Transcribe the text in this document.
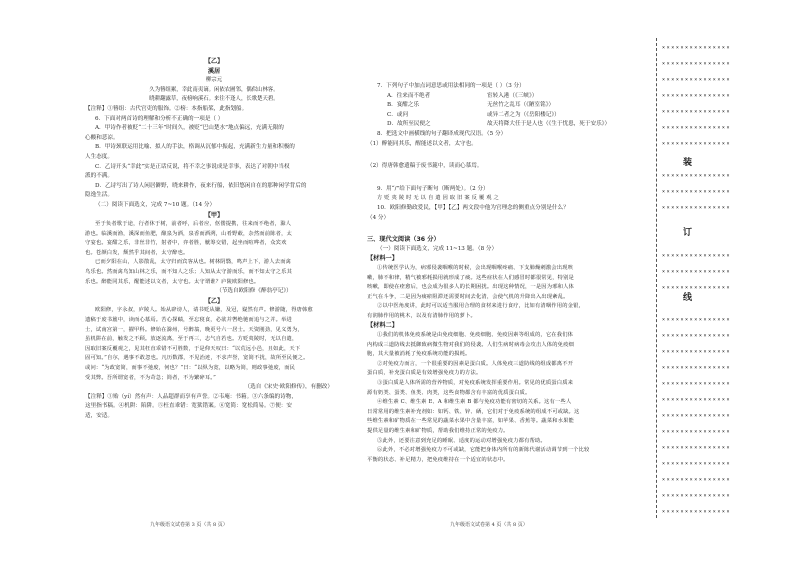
【乙】

溪居

柳宗元

久为簪组累，幸此南夷谪。闲依农圃邻，偶似山林客。

晓耕翻露草，夜榜响溪石。来往不逢人，长歌楚天碧。

【注释】①簪组：古代官吏的服饰。②榜：本指船桨，此指划船。

6．下面对两首诗的理解和分析不正确的一项是（ ）

A．甲诗作者被贬“二十三年”时间久，被贬“巴山楚水”地点偏远，充满无限的

心酸和悲凉。

B．甲诗颈联运用比喻、拟人的手法，格调从沉郁中振起，充满新生力量和积极的

人生态度。

C．乙诗开头“幸此”实是正话反说，将不幸之事说成是幸事，表达了对朝中当权

派的不满。

D．乙诗写出了诗人闲居僻野，晓来耕作，夜来行船，依旧悠闲自在的那种闲学背后的

隐逸生活。

（二）阅读下面选文，完成 7~10 题。（14 分）

【甲】

至于负者歌于途，行者休于树，前者呼，后者应，伛偻提携，往来而不绝者，滁人

游也。临溪而渔，溪深而鱼肥，酿泉为酒，泉香而酒洌，山肴野蔌，杂然而前陈者，太

守宴也。宴酣之乐，非丝非竹，射者中，弈者胜，觥筹交错，起坐而喧哗者，众宾欢

也。苍颜白发，颓然乎其间者，太守醉也。

已而夕阳在山，人影散乱，太守归而宾客从也。树林阴翳，鸣声上下，游人去而禽

鸟乐也。然而禽鸟知山林之乐，而不知人之乐；人知从太守游而乐，而不知太守之乐其

乐也。醉能同其乐，醒能述以文者，太守也。太守谓谁？庐陵欧阳修也。

（节选自欧阳修《醉翁亭记》）

【乙】

欧阳修，字永叔，庐陵人。始从辟谤人，请书贬从嫌，及冠，嶷然有声。修游随，得唐韩愈

遗稿于废书簏中，读而心慕焉。苦心探赜，至忘寝食，必欲并辔绝驰而追与之并。举进

士，试南宫第一，擢甲科。修始在滁州，号醉翁，晚更号六一居士。天资刚劲，见义勇为，

虽机阱在前，触发之不顾。放逐流离，至于再三，志气自若也。方贬夷陵时，无以自遣，

因取旧案反覆观之，见其枉直乖错不可胜数，于是仰天叹曰：“以荒远小邑，且如此，天下

固可知。”自尔，遇事不敢忽也。凡历数郡，不见治迹，不求声誉，宽简不扰，故所至民便之。

或问：“为政宽简，而事不弛废，何也？”曰：“以纵为宽，以略为简，则政事弛废，而民

受其弊。吾所谓宽者，不为苛急；简者，不为繁碎耳。”

（选自《宋史·欧阳修传》，有删改）

【注释】①贻（yí）然有声：人品超群而享有声誉。②韦庵：书箱。③六条编的诗物，

这里指书稿。④机阱：陷阱。⑤枉直乖错：宽狱错案。⑥宽简：宽松简易。⑦便：安

适，安适。

7．下列句子中加点词意思或用法相同的一项是（ ）（3 分）

A．往来而不绝者	宦转入港（《三峡》）

B．宴酣之乐	无丝竹之乱耳（《陋室铭》）

C．或问	或异二者之为（《岳阳楼记》）

D．故所至民便之	故天将降大任于是人也（《生于忧患，死于安乐》）

8．把选文中画横线的句子翻译成现代汉语。（5 分）

（1）醉能同其乐，醒能述以文者，太守也。

（2）得唐韩愈遗稿于废书簏中，读而心慕焉。

9．用“/”给下面句子断句（断两处）。（2 分）

方 贬 夷 陵 时 无 以 自 遣 因 取 旧 案 反 覆 观 之

10．欧阳修勤政爱民，【甲】【乙】两文段中他为官理念的侧重点分别是什么？

（4 分）

三、现代文阅读（36 分）

（一）阅读下面选文，完成 11~13 题。（8 分）

【材料一】

①传统医学认为，病邪侵袭咽喉的时候，会出现咽喉疼痛、下支肺燥刺激会出现咳

嗽，肺不和律，精气被邪耗损用就形成了痰。这些症状在人们感冒时都很常见，特别是

咳嗽，即使在痊愈后，也会成为很多人的长期困扰。出现这种情况，一是因为邪和人体

正气在斗争，二是因为痰瘀阻滞还需要时间去化清，会使气机的升降出入出现紊乱。

②以中医角度讲，此时可以适当服用合理的食材来进行食疗，比如有清咽作用的金银，

有润肺作用的桃木，以及有清肺作用的萝卜。

【材料二】

①我们的机体免疫系统是由免疫细胞、免疫细胞、免疫因素等组成的，它在我们体

内构成三道防线去抵御致病微生物对我们的侵袭。人们生病时病毒会攻击人体的免疫细

胞，其大量被消耗了免疫系统功能的损耗。

②对免疫力而言，一个很重要的因素是蛋白质。人体免疫三道防线的组成都离不开

蛋白质，补充蛋白质是有效增强免疫力的方法。

③蛋白质是人体所需的营养物质，对免疫系统发挥重要作用。常见的优质蛋白质来

源有奶类、蛋类、鱼类、肉类，这些食物都含有丰富的优质蛋白质。

④维生素 C、维生素 E、A 和维生素 B 都与免疫功能有密切的关系。这有一些人

日常常用的维生素补充剂如：如钙、铁、锌、硒，它们对于免疫系统的组成不可或缺。这

些维生素和矿物质在一些常见的蔬菜水果中含量丰富，如苹果、香蕉等。蔬菜和水果能

提供足量的维生素和矿物质，帮助我们维持正常的免疫力。

⑤此外，还要注意到充足的睡眠、适度的运动对增强免疫力都有帮助。

⑥此外，不必对增强免疫力不可或缺，它能把身体内所有的新陈代谢活动调节到一个比较

平衡的状态、补足精力，把免疫维持在一个适宜的状态中。

九年级语文试卷第 3 页（共 8 页）	九年级语文试卷第 4 页（共 8 页）
×××××××××××××××
×××××××××××××××
×××××××××××××××
×××××××××××××××
×××××××××××××××
×××××××××××××××
×××××××××××××××
×××××××××××××××
×××××××××××××××
×××××××××××××××
×××××××××××××××
×××××××××××××××
×××××××××××××××
×××××××××××××××
×××××××××××××××
×××××××××××××××
×××××××××××××××
×××××××××××××××
×××××××××××××××
×××××××××××××××
×××××××××××××××
×××××××××××××××
×××××××××××××××
×××××××××××××××
×××××××××××××××
×××××××××××××××
装
订
线
